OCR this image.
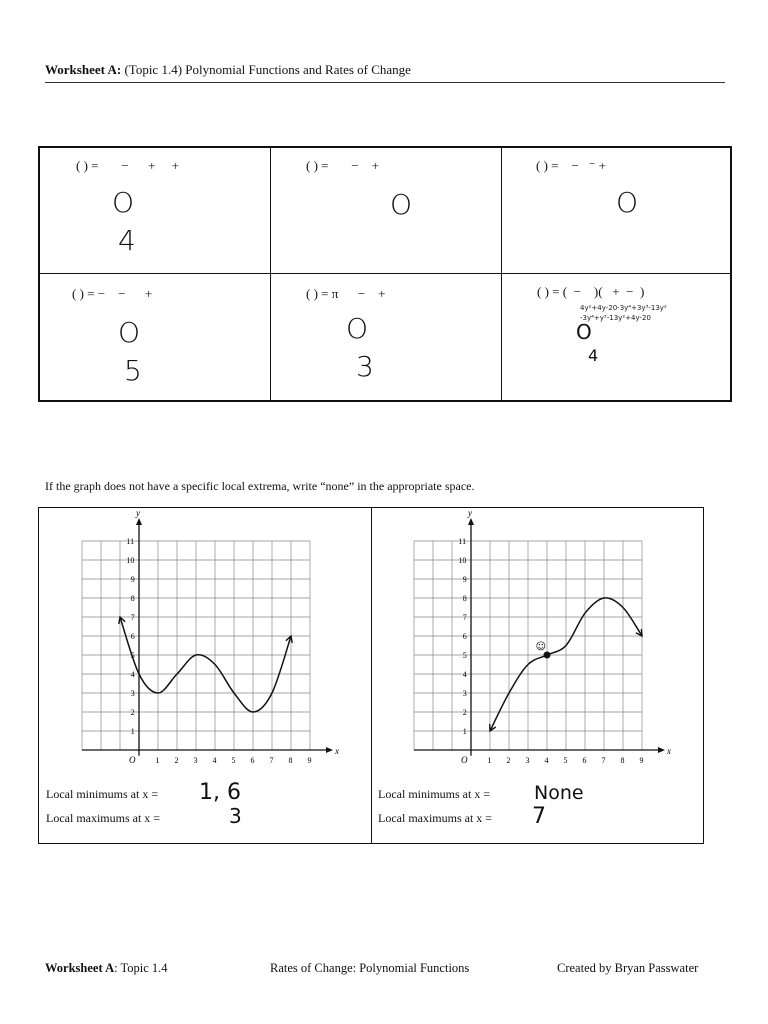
Worksheet A: (Topic 1.4) Polynomial Functions and Rates of Change
( ) =       −      +     +
O
4
( ) =       −    +
O
( ) =    −   ⁻ +
O
( ) = −    −      +
O
5
( ) = π      −    +
O
3
( ) = (  −    )(   +  −  )
4y²+4y-20-3y⁴+3y³-13y²
-3y⁴+y³-13y²+4y-20
O
4
If the graph does not have a specific local extrema, write “none” in the appropriate space.
x
y
O	1 2 3 4 5 6 7 8 9
1
2
3
4
5
6
7
8
9
10
11
x
y
O	1 2 3 4 5 6 7 8 9
1
2
3
4
5
6
7
8
9
10
11
☺
Local minimums at x = 1, 6
Local maximums at x =	3
Local minimums at x = None
Local maximums at x = 7
Worksheet A: Topic 1.4	Rates of Change: Polynomial Functions	Created by Bryan Passwater
